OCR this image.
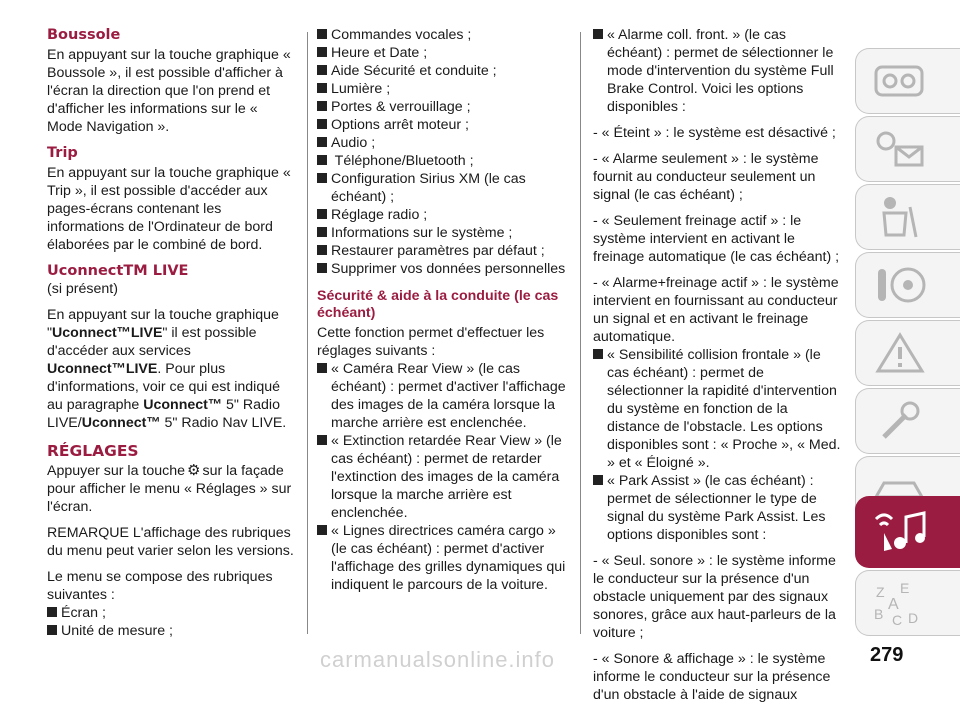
Boussole

En appuyant sur la touche graphique « Boussole », il est possible d'afficher à l'écran la direction que l'on prend et d'afficher les informations sur le « Mode Navigation ».

Trip

En appuyant sur la touche graphique « Trip », il est possible d'accéder aux pages-écrans contenant les informations de l'Ordinateur de bord élaborées par le combiné de bord.

UconnectTM LIVE
(si présent)

En appuyant sur la touche graphique "Uconnect™LIVE" il est possible d'accéder aux services Uconnect™LIVE. Pour plus d'informations, voir ce qui est indiqué au paragraphe Uconnect™ 5" Radio LIVE/Uconnect™ 5" Radio Nav LIVE.

RÉGLAGES

Appuyer sur la touche ⚙ sur la façade pour afficher le menu « Réglages » sur l'écran.

REMARQUE L'affichage des rubriques du menu peut varier selon les versions.

Le menu se compose des rubriques suivantes :

Écran ;
Unité de mesure ;
Commandes vocales ;
Heure et Date ;
Aide Sécurité et conduite ;
Lumière ;
Portes & verrouillage ;
Options arrêt moteur ;
Audio ;
Téléphone/Bluetooth ;
Configuration Sirius XM (le cas échéant) ;
Réglage radio ;
Informations sur le système ;
Restaurer paramètres par défaut ;
Supprimer vos données personnelles
Sécurité & aide à la conduite (le cas échéant)

Cette fonction permet d'effectuer les réglages suivants :

« Caméra Rear View » (le cas échéant) : permet d'activer l'affichage des images de la caméra lorsque la marche arrière est enclenchée.
« Extinction retardée Rear View » (le cas échéant) : permet de retarder l'extinction des images de la caméra lorsque la marche arrière est enclenchée.
« Lignes directrices caméra cargo » (le cas échéant) : permet d'activer l'affichage des grilles dynamiques qui indiquent le parcours de la voiture.
« Alarme coll. front. » (le cas échéant) : permet de sélectionner le mode d'intervention du système Full Brake Control. Voici les options disponibles :

- « Éteint » : le système est désactivé ;

- « Alarme seulement » : le système fournit au conducteur seulement un signal (le cas échéant) ;

- « Seulement freinage actif » : le système intervient en activant le freinage automatique (le cas échéant) ;

- « Alarme+freinage actif » : le système intervient en fournissant au conducteur un signal et en activant le freinage automatique.

« Sensibilité collision frontale » (le cas échéant) : permet de sélectionner la rapidité d'intervention du système en fonction de la distance de l'obstacle. Les options disponibles sont : « Proche », « Med. » et « Éloigné ».
« Park Assist » (le cas échéant) : permet de sélectionner le type de signal du système Park Assist. Les options disponibles sont :

- « Seul. sonore » : le système informe le conducteur sur la présence d'un obstacle uniquement par des signaux sonores, grâce aux haut-parleurs de la voiture ;

- « Sonore & affichage » : le système informe le conducteur sur la présence d'un obstacle à l'aide de signaux

Z E
A
B C D
carmanualsonline.info	279
